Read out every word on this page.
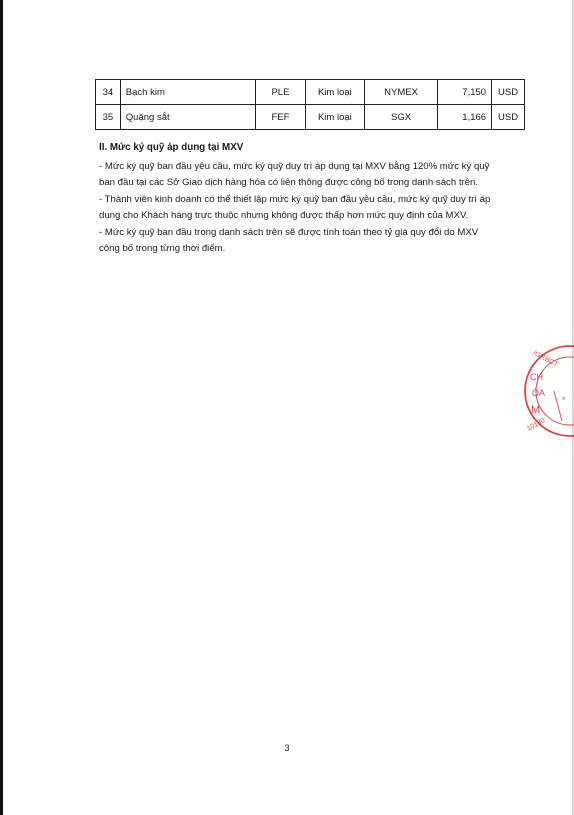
34	Bạch kim	PLE	Kim loại	NYMEX	7,150	USD
35	Quặng sắt	FEF	Kim loại	SGX	1,166	USD
II. Mức ký quỹ áp dụng tại MXV

- Mức ký quỹ ban đầu yêu cầu, mức ký quỹ duy trì áp dụng tại MXV bằng 120% mức ký quỹ

ban đầu tại các Sở Giao dịch hàng hóa có liên thông được công bố trong danh sách trên.

- Thành viên kinh doanh có thể thiết lập mức ký quỹ ban đầu yêu cầu, mức ký quỹ duy trì áp

dụng cho Khách hàng trực thuộc nhưng không được thấp hơn mức quy định của MXV.

- Mức ký quỹ ban đầu trong danh sách trên sẽ được tính toán theo tỷ giá quy đổi do MXV

công bố trong từng thời điểm.

/GP.BCT
CH
ÓA
M
10180
*
3
